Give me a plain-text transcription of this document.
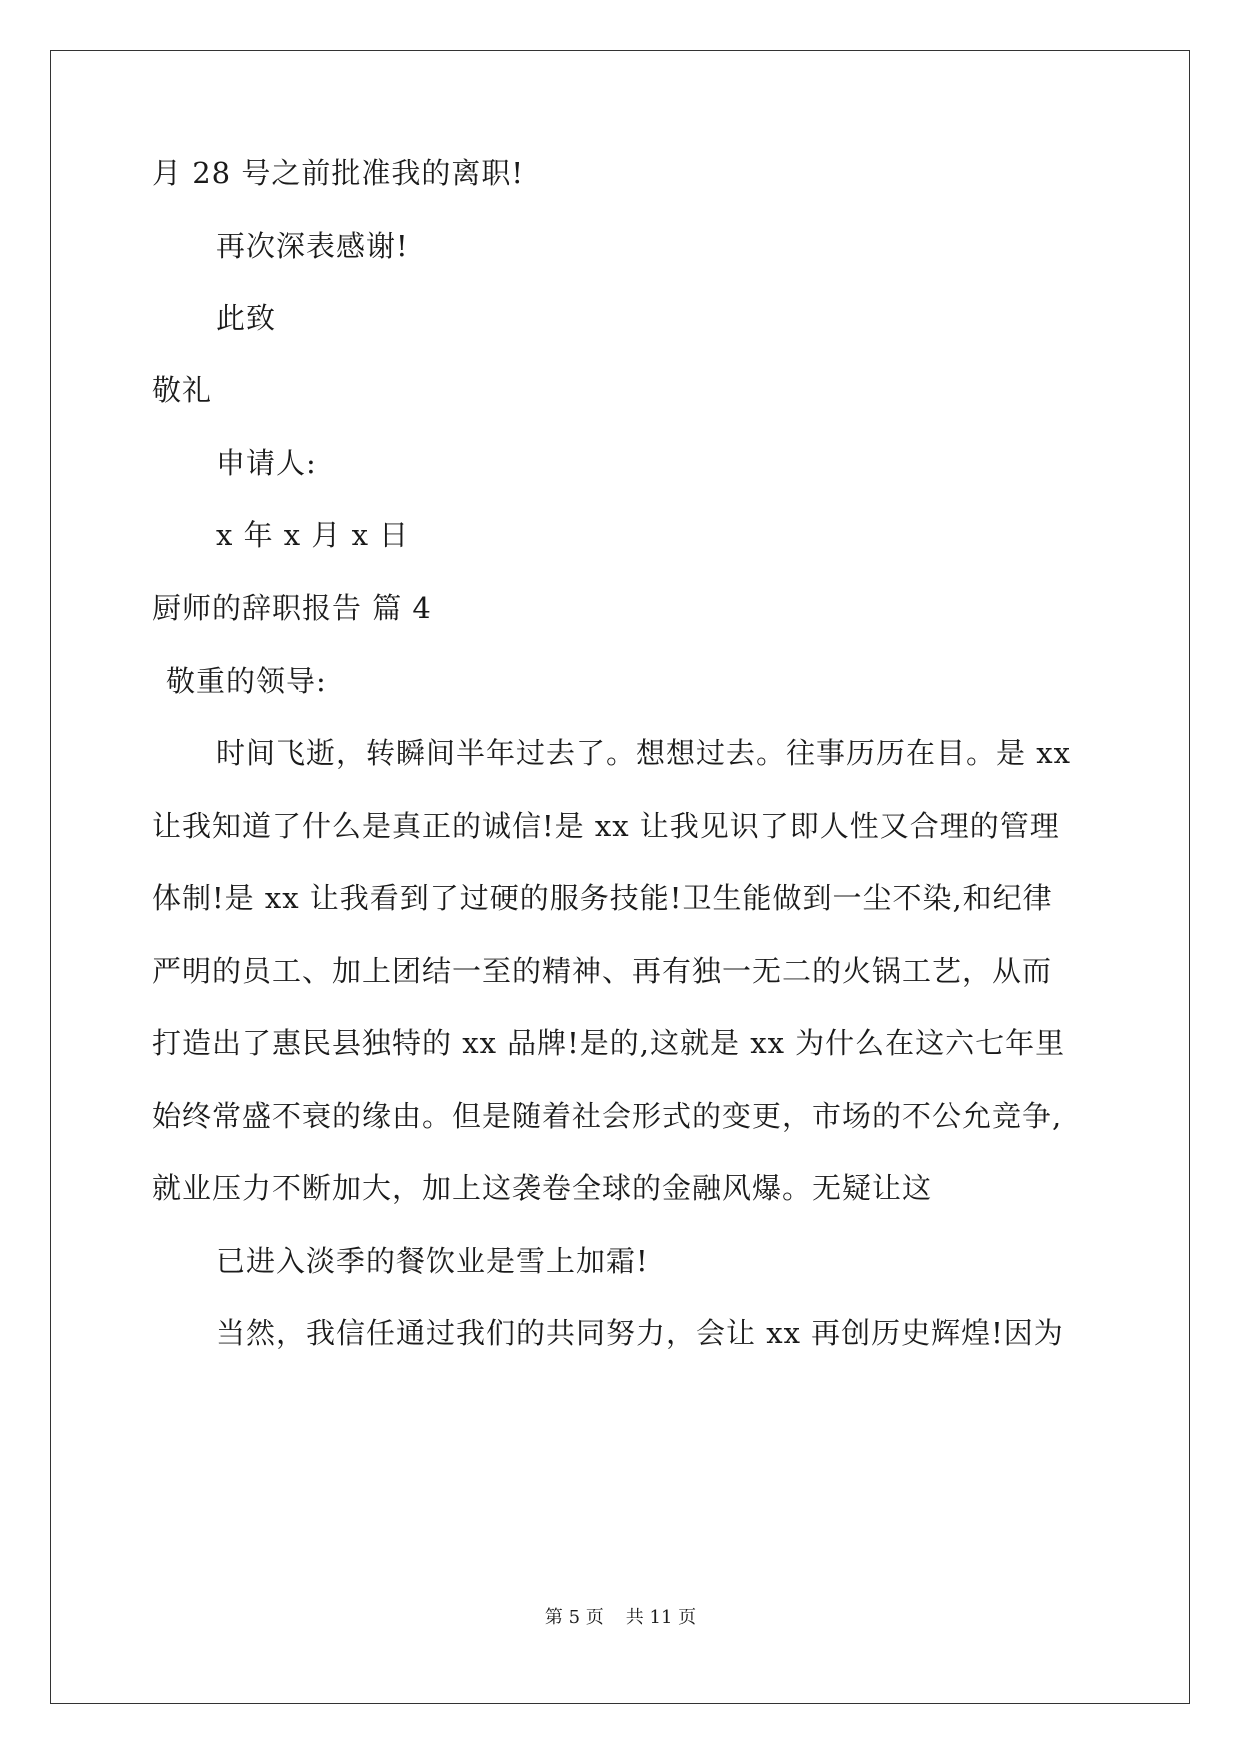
月 28 号之前批准我的离职!
再次深表感谢!
此致
敬礼
申请人:
x 年 x 月 x 日
厨师的辞职报告 篇 4
敬重的领导:
时间飞逝，转瞬间半年过去了。想想过去。往事历历在目。是 xx
让我知道了什么是真正的诚信!是 xx 让我见识了即人性又合理的管理
体制!是 xx 让我看到了过硬的服务技能!卫生能做到一尘不染,和纪律
严明的员工、加上团结一至的精神、再有独一无二的火锅工艺，从而
打造出了惠民县独特的 xx 品牌!是的,这就是 xx 为什么在这六七年里
始终常盛不衰的缘由。但是随着社会形式的变更，市场的不公允竞争,
就业压力不断加大，加上这袭卷全球的金融风爆。无疑让这
已进入淡季的餐饮业是雪上加霜!
当然，我信任通过我们的共同努力，会让 xx 再创历史辉煌!因为
第 5 页 共 11 页
